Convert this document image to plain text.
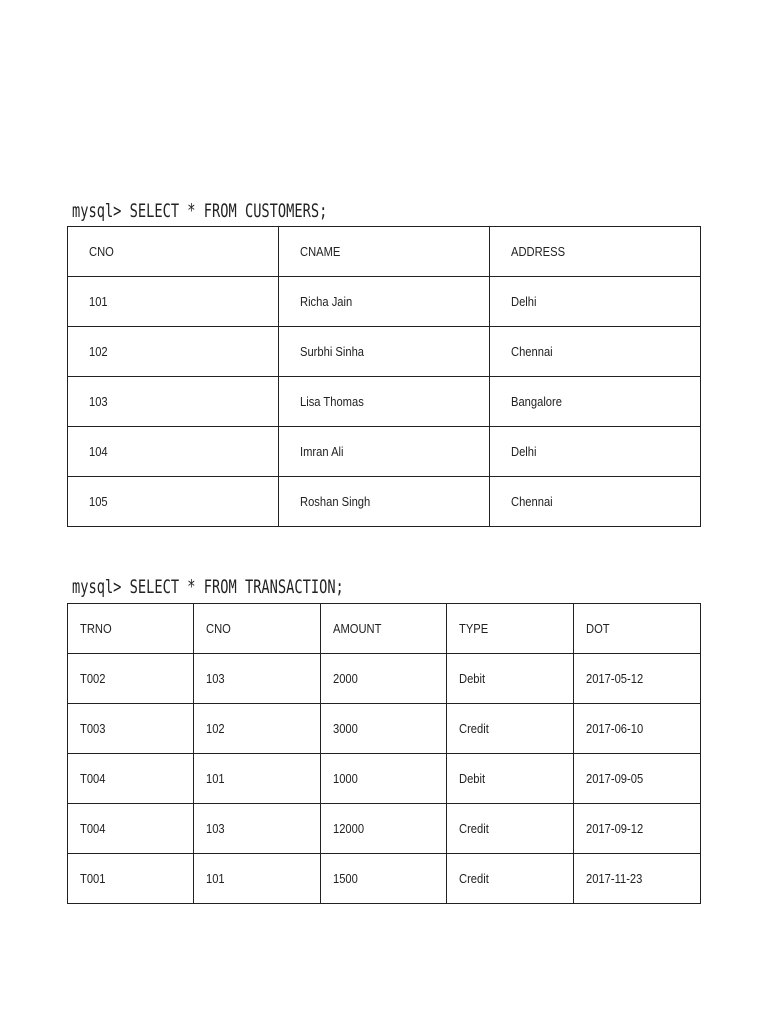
mysql> SELECT * FROM CUSTOMERS;
CNO	CNAME	ADDRESS
101	Richa Jain	Delhi
102	Surbhi Sinha	Chennai
103	Lisa Thomas	Bangalore
104	Imran Ali	Delhi
105	Roshan Singh	Chennai
mysql> SELECT * FROM TRANSACTION;
TRNO	CNO	AMOUNT	TYPE	DOT
T002	103	2000	Debit	2017-05-12
T003	102	3000	Credit	2017-06-10
T004	101	1000	Debit	2017-09-05
T004	103	12000	Credit	2017-09-12
T001	101	1500	Credit	2017-11-23
